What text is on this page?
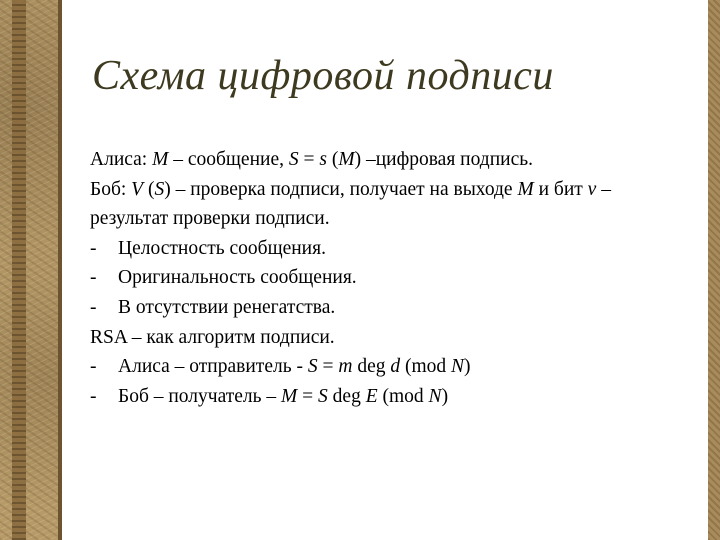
Схема цифровой подписи
Алиса: M – сообщение, S = s (M) –цифровая подпись.
Боб: V (S) – проверка подписи, получает на выходе M и бит v –
результат проверки подписи.
- Целостность сообщения.
- Оригинальность сообщения.
- В отсутствии ренегатства.
RSA – как алгоритм подписи.
- Алиса – отправитель - S = m deg d (mod N)
- Боб – получатель – M = S deg E (mod N)
